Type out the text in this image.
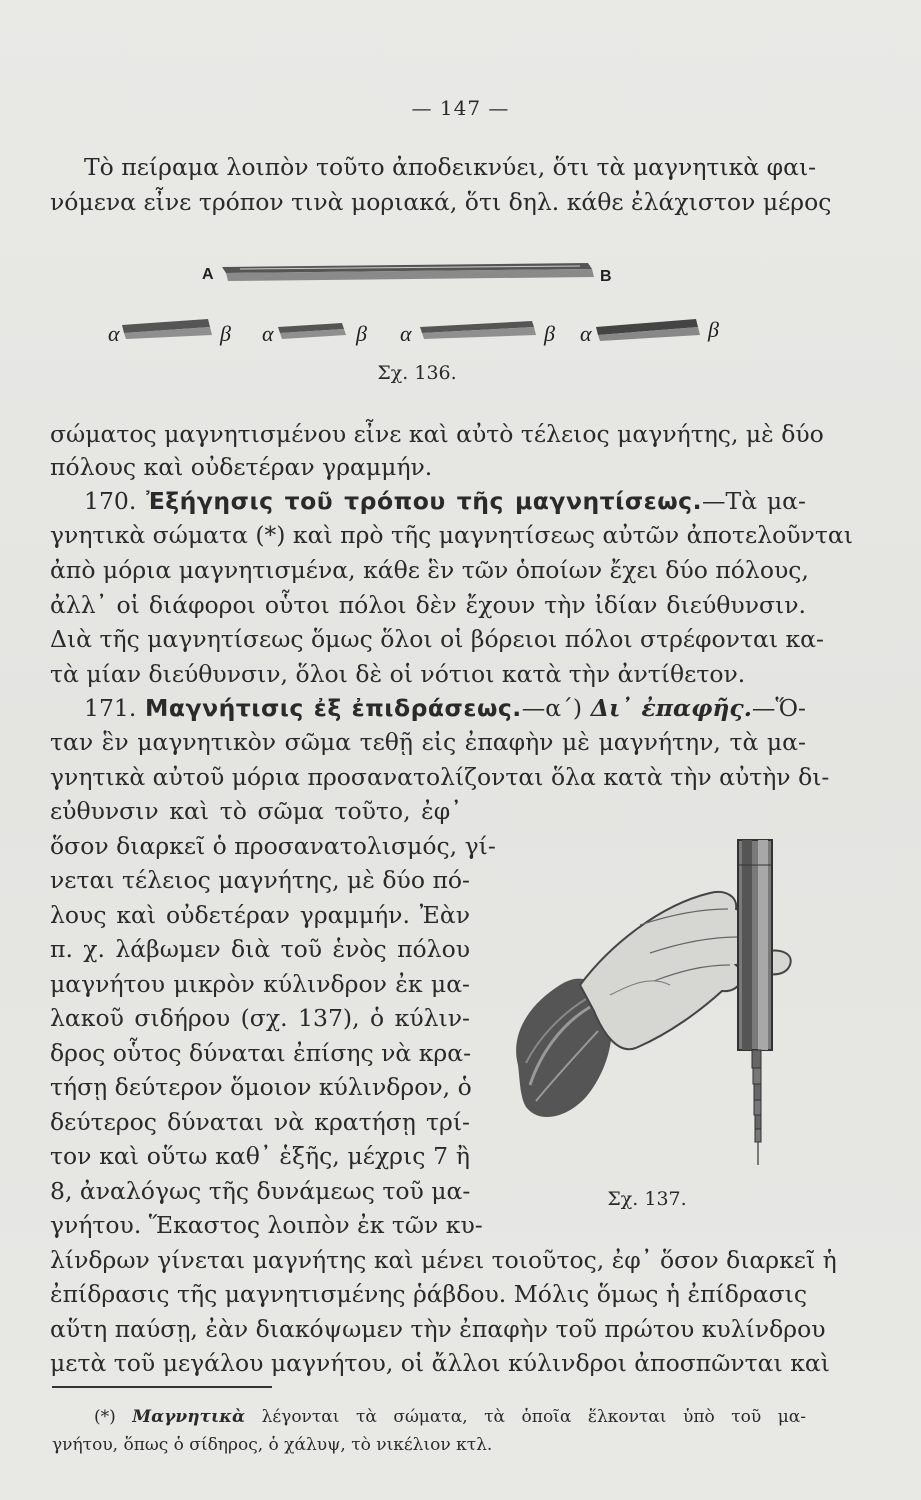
— 147 —
Τὸ πείραμα λοιπὸν τοῦτο ἀποδεικνύει, ὅτι τὰ μαγνητικὰ φαι-
νόμενα εἶνε τρόπον τινὰ μοριακά, ὅτι δηλ. κάθε ἐλάχιστον μέρος
A	B
α	β α	β α	β α	β
Σχ. 136.
σώματος μαγνητισμένου εἶνε καὶ αὐτὸ τέλειος μαγνήτης, μὲ δύο
πόλους καὶ οὐδετέραν γραμμήν.
170. Ἐξήγησις τοῦ τρόπου τῆς μαγνητίσεως.—Τὰ μα-
γνητικὰ σώματα (*) καὶ πρὸ τῆς μαγνητίσεως αὐτῶν ἀποτελοῦνται
ἀπὸ μόρια μαγνητισμένα, κάθε ἓν τῶν ὁποίων ἔχει δύο πόλους,
ἀλλ᾿ οἱ διάφοροι οὗτοι πόλοι δὲν ἔχουν τὴν ἰδίαν διεύθυνσιν.
Διὰ τῆς μαγνητίσεως ὅμως ὅλοι οἱ βόρειοι πόλοι στρέφονται κα-
τὰ μίαν διεύθυνσιν, ὅλοι δὲ οἱ νότιοι κατὰ τὴν ἀντίθετον.
171. Μαγνήτισις ἐξ ἐπιδράσεως.—α΄) Δι᾿ ἐπαφῆς.—Ὅ-
ταν ἓν μαγνητικὸν σῶμα τεθῇ εἰς ἐπαφὴν μὲ μαγνήτην, τὰ μα-
γνητικὰ αὐτοῦ μόρια προσανατολίζονται ὅλα κατὰ τὴν αὐτὴν δι-
εὐθυνσιν καὶ τὸ σῶμα τοῦτο, ἐφ᾿
ὅσον διαρκεῖ ὁ προσανατολισμός, γί-
νεται τέλειος μαγνήτης, μὲ δύο πό-
λους καὶ οὐδετέραν γραμμήν. Ἐὰν
π. χ. λάβωμεν διὰ τοῦ ἑνὸς πόλου
μαγνήτου μικρὸν κύλινδρον ἐκ μα-
λακοῦ σιδήρου (σχ. 137), ὁ κύλιν-
δρος οὗτος δύναται ἐπίσης νὰ κρα-
τήσῃ δεύτερον ὅμοιον κύλινδρον, ὁ
δεύτερος δύναται νὰ κρατήσῃ τρί-
τον καὶ οὕτω καθ᾿ ἑξῆς, μέχρις 7 ἢ
8, ἀναλόγως τῆς δυνάμεως τοῦ μα-
γνήτου. Ἕκαστος λοιπὸν ἐκ τῶν κυ-
Σχ. 137.
λίνδρων γίνεται μαγνήτης καὶ μένει τοιοῦτος, ἐφ᾿ ὅσον διαρκεῖ ἡ
ἐπίδρασις τῆς μαγνητισμένης ῥάβδου. Μόλις ὅμως ἡ ἐπίδρασις
αὕτη παύσῃ, ἐὰν διακόψωμεν τὴν ἐπαφὴν τοῦ πρώτου κυλίνδρου
μετὰ τοῦ μεγάλου μαγνήτου, οἱ ἄλλοι κύλινδροι ἀποσπῶνται καὶ
(*) Μαγνητικὰ λέγονται τὰ σώματα, τὰ ὁποῖα ἕλκονται ὑπὸ τοῦ μα-
γνήτου, ὅπως ὁ σίδηρος, ὁ χάλυψ, τὸ νικέλιον κτλ.
